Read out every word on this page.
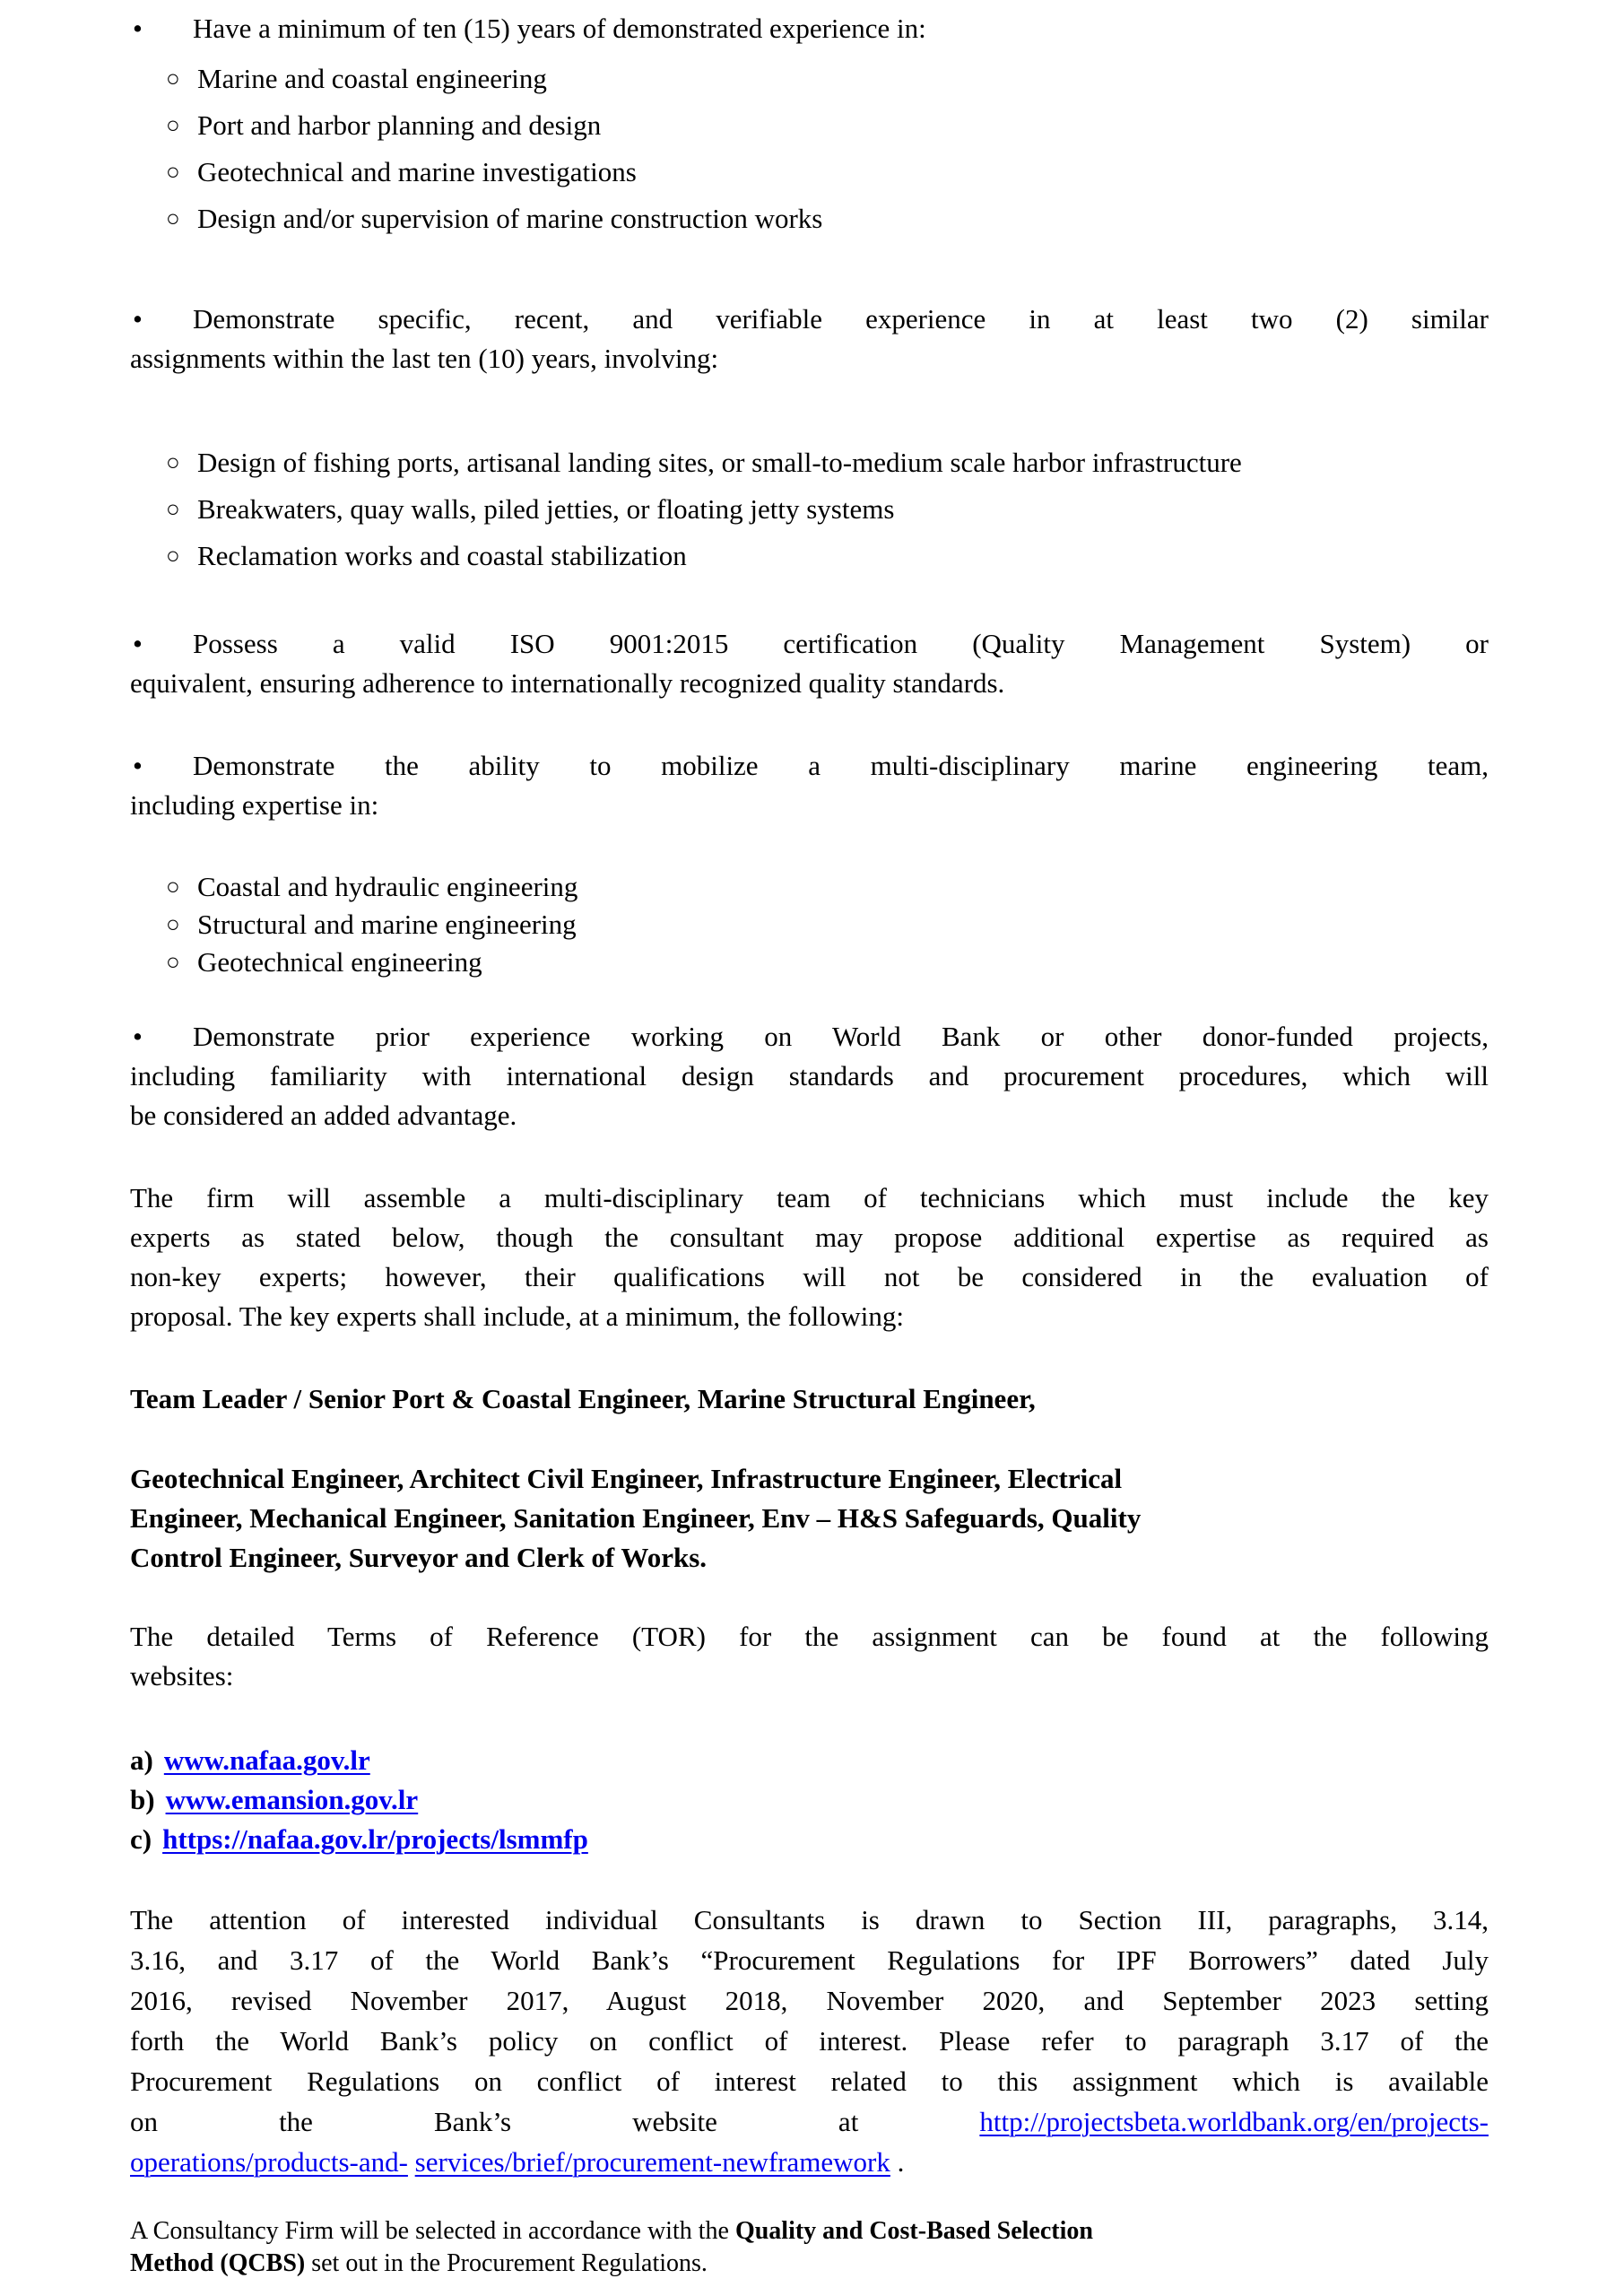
• Have a minimum of ten (15) years of demonstrated experience in:
○ Marine and coastal engineering
○ Port and harbor planning and design
○ Geotechnical and marine investigations
○ Design and/or supervision of marine construction works
• Demonstrate specific, recent, and verifiable experience in at least two (2) similar
assignments within the last ten (10) years, involving:
○ Design of fishing ports, artisanal landing sites, or small-to-medium scale harbor infrastructure
○ Breakwaters, quay walls, piled jetties, or floating jetty systems
○ Reclamation works and coastal stabilization
• Possess a valid ISO 9001:2015 certification (Quality Management System) or
equivalent, ensuring adherence to internationally recognized quality standards.
• Demonstrate the ability to mobilize a multi-disciplinary marine engineering team,
including expertise in:
○ Coastal and hydraulic engineering
○ Structural and marine engineering
○ Geotechnical engineering
• Demonstrate prior experience working on World Bank or other donor-funded projects,
including familiarity with international design standards and procurement procedures, which will
be considered an added advantage.
The firm will assemble a multi-disciplinary team of technicians which must include the key
experts as stated below, though the consultant may propose additional expertise as required as
non-key experts; however, their qualifications will not be considered in the evaluation of
proposal. The key experts shall include, at a minimum, the following:
Team Leader / Senior Port & Coastal Engineer, Marine Structural Engineer,
Geotechnical Engineer, Architect Civil Engineer, Infrastructure Engineer, Electrical
Engineer, Mechanical Engineer, Sanitation Engineer, Env – H&S Safeguards, Quality
Control Engineer, Surveyor and Clerk of Works.
The detailed Terms of Reference (TOR) for the assignment can be found at the following
websites:
a) www.nafaa.gov.lr
b) www.emansion.gov.lr
c) https://nafaa.gov.lr/projects/lsmmfp
The attention of interested individual Consultants is drawn to Section III, paragraphs, 3.14,
3.16, and 3.17 of the World Bank’s “Procurement Regulations for IPF Borrowers” dated July
2016, revised November 2017, August 2018, November 2020, and September 2023 setting
forth the World Bank’s policy on conflict of interest. Please refer to paragraph 3.17 of the
Procurement Regulations on conflict of interest related to this assignment which is available
on the Bank’s website at http://projectsbeta.worldbank.org/en/projects-
operations/products-and- services/brief/procurement-newframework .
A Consultancy Firm will be selected in accordance with the Quality and Cost-Based Selection
Method (QCBS) set out in the Procurement Regulations.
